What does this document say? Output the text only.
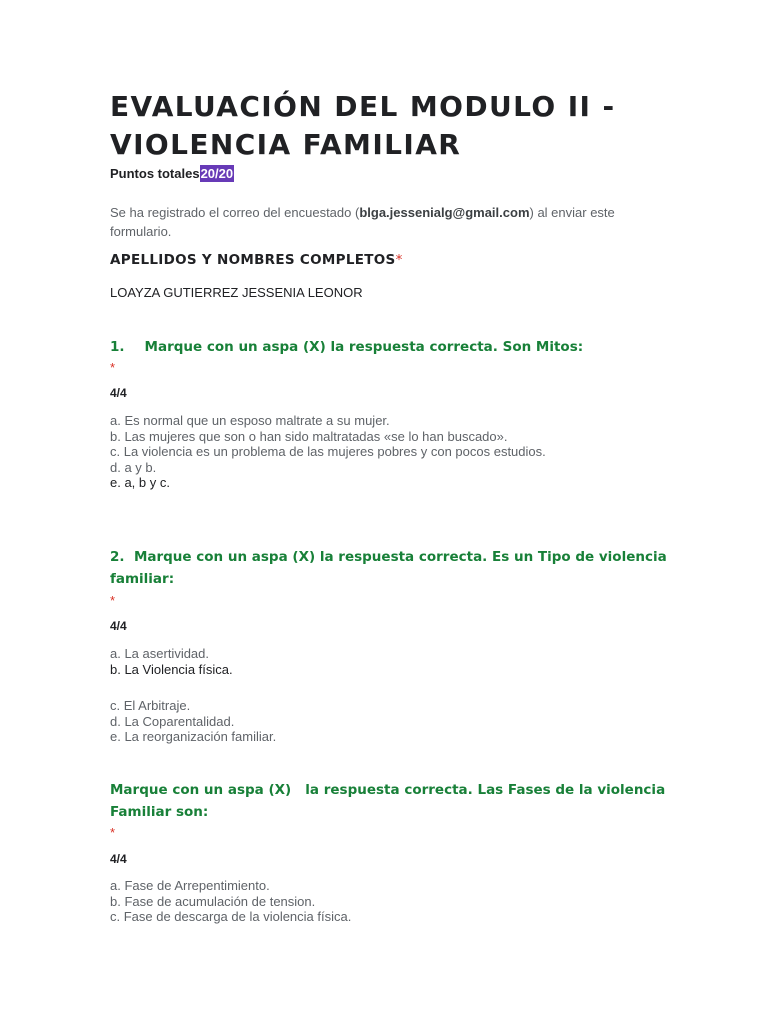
EVALUACIÓN DEL MODULO II - VIOLENCIA FAMILIAR
Puntos totales20/20
Se ha registrado el correo del encuestado (blga.jessenialg@gmail.com) al enviar este formulario.
APELLIDOS Y NOMBRES COMPLETOS*
LOAYZA GUTIERREZ JESSENIA LEONOR
1. Marque con un aspa (X) la respuesta correcta. Son Mitos:
*
4/4
a. Es normal que un esposo maltrate a su mujer.
b. Las mujeres que son o han sido maltratadas «se lo han buscado».
c. La violencia es un problema de las mujeres pobres y con pocos estudios.
d. a y b.
e. a, b y c.
2. Marque con un aspa (X) la respuesta correcta. Es un Tipo de violencia familiar:
*
4/4
a. La asertividad.
b. La Violencia física.
c. El Arbitraje.
d. La Coparentalidad.
e. La reorganización familiar.
Marque con un aspa (X)   la respuesta correcta. Las Fases de la violencia Familiar son:
*
4/4
a. Fase de Arrepentimiento.
b. Fase de acumulación de tension.
c. Fase de descarga de la violencia física.
